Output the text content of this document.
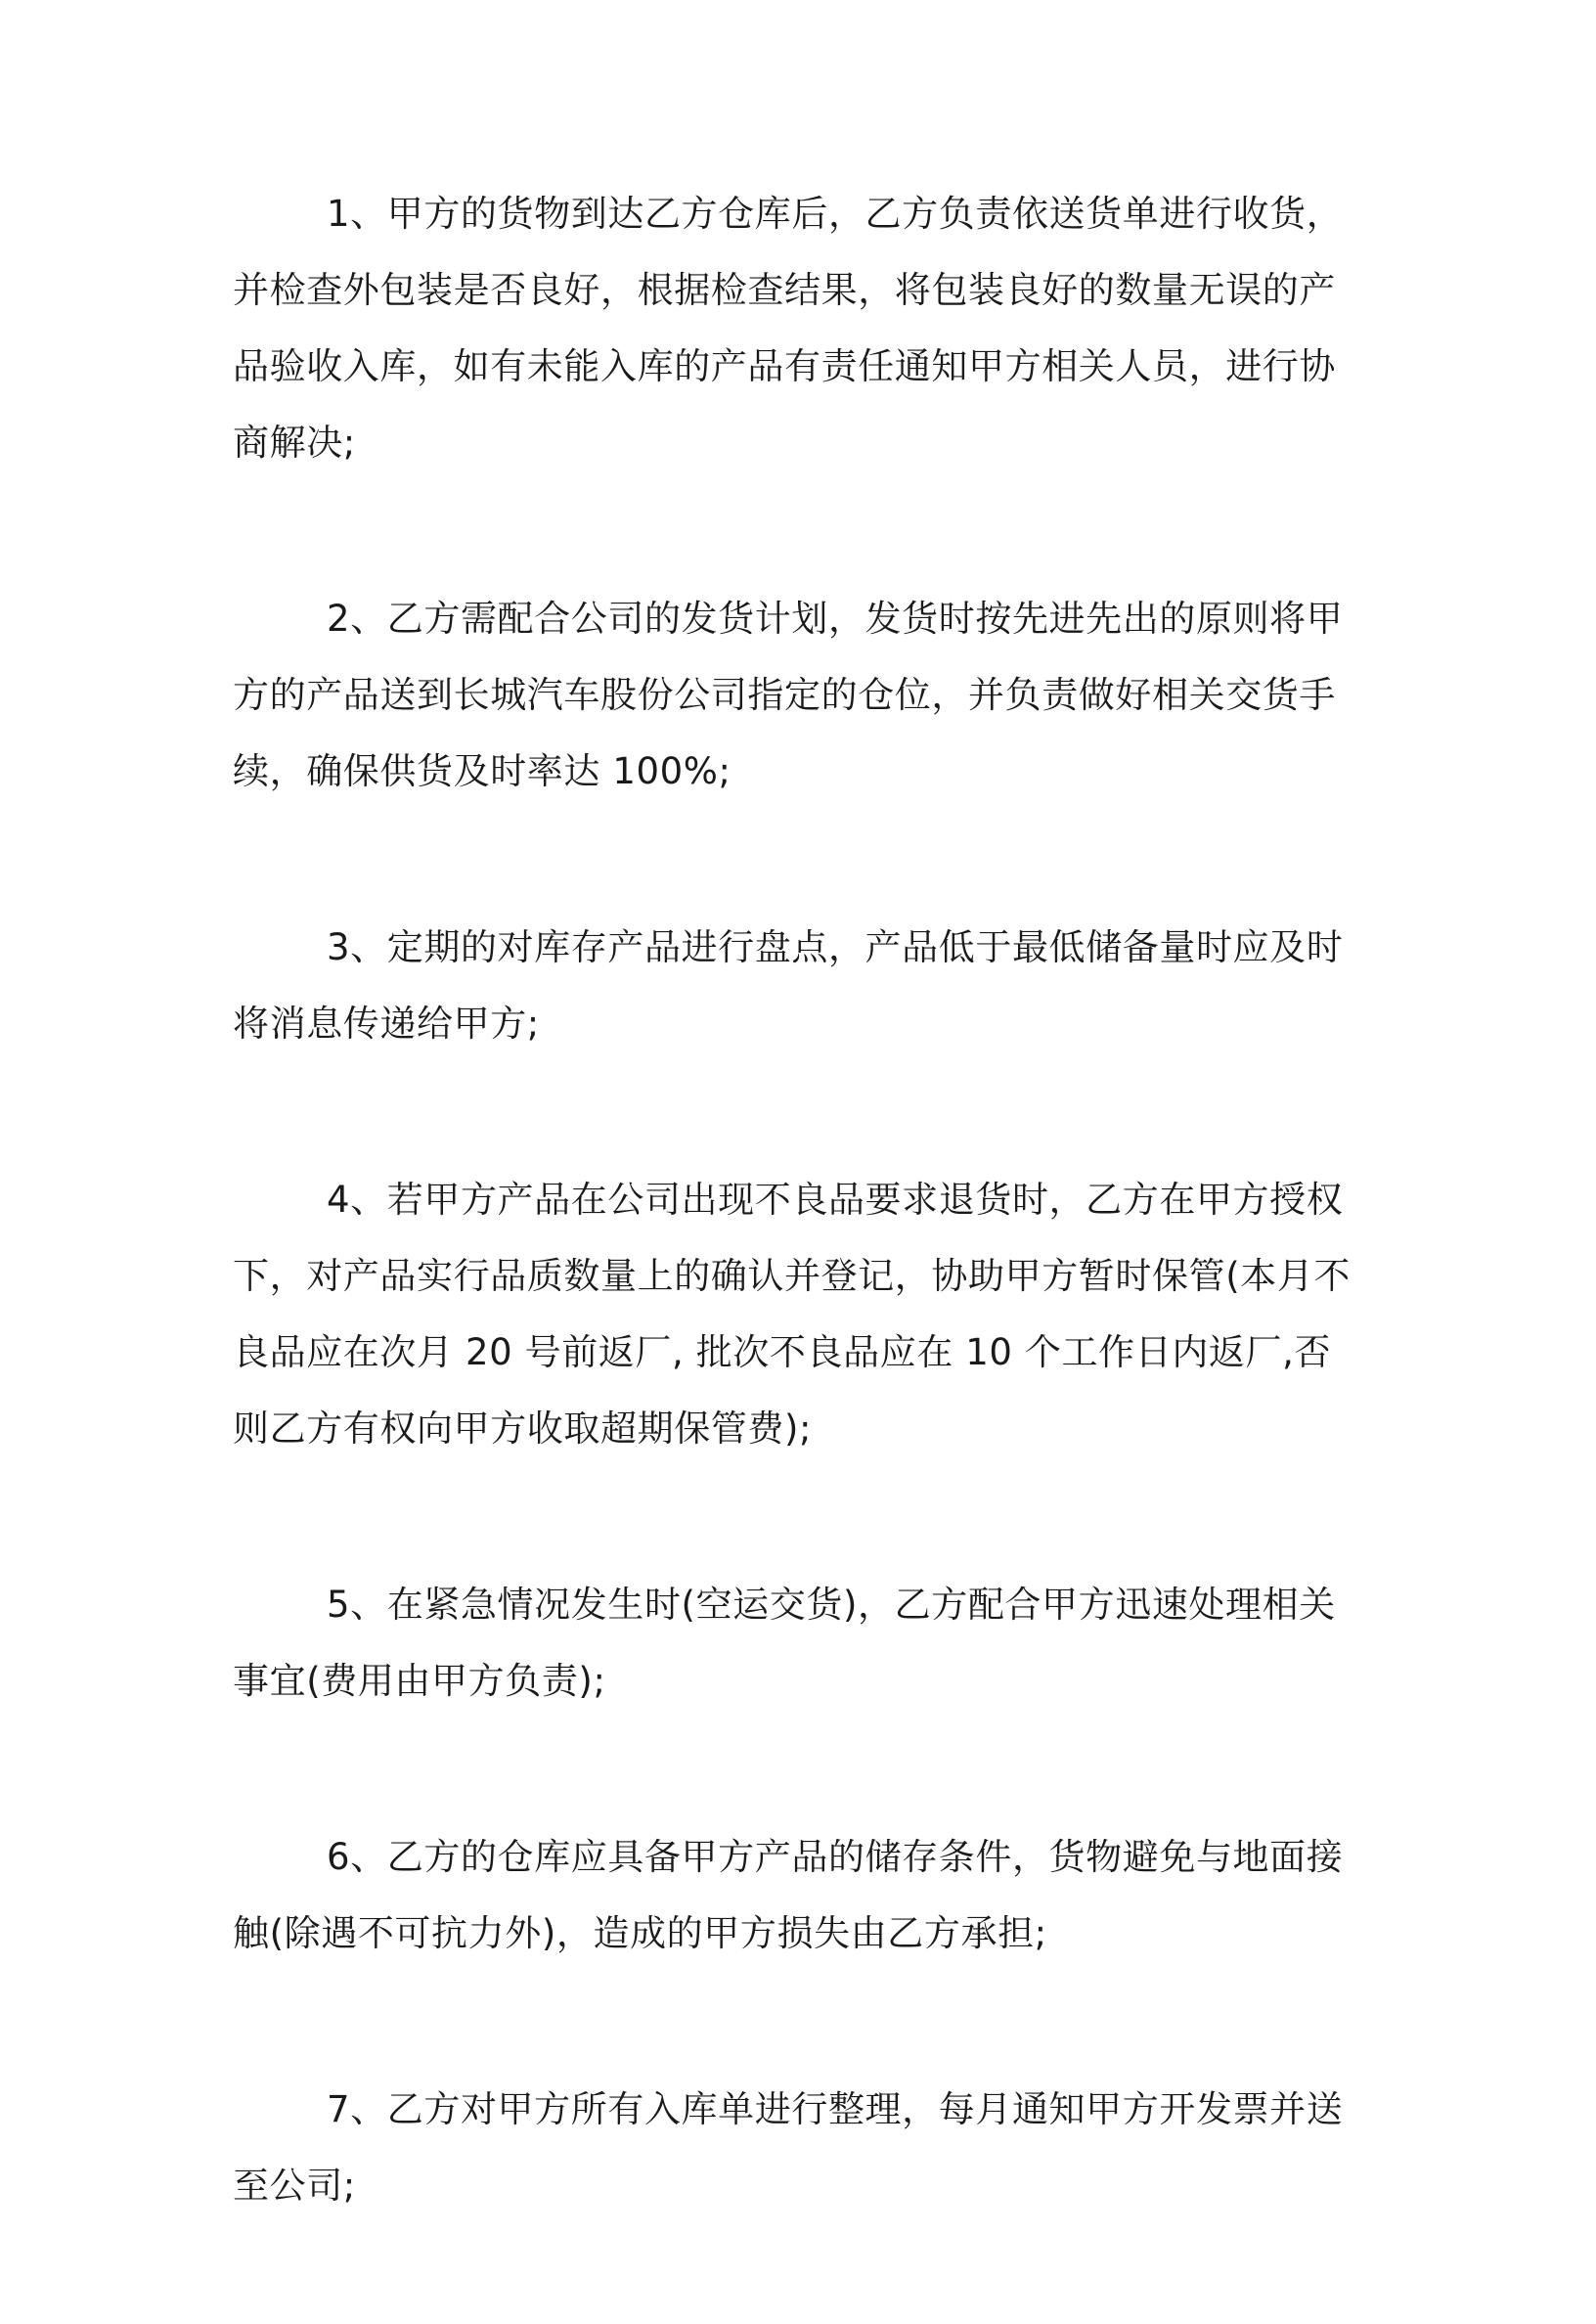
1、甲方的货物到达乙方仓库后，乙方负责依送货单进行收货，并检查外包装是否良好，根据检查结果，将包装良好的数量无误的产品验收入库，如有未能入库的产品有责任通知甲方相关人员，进行协商解决;

2、乙方需配合公司的发货计划，发货时按先进先出的原则将甲方的产品送到长城汽车股份公司指定的仓位，并负责做好相关交货手续，确保供货及时率达 100%;

3、定期的对库存产品进行盘点，产品低于最低储备量时应及时将消息传递给甲方;

4、若甲方产品在公司出现不良品要求退货时，乙方在甲方授权下，对产品实行品质数量上的确认并登记，协助甲方暂时保管(本月不良品应在次月 20 号前返厂, 批次不良品应在 10 个工作日内返厂,否则乙方有权向甲方收取超期保管费);

5、在紧急情况发生时(空运交货)，乙方配合甲方迅速处理相关事宜(费用由甲方负责);

6、乙方的仓库应具备甲方产品的储存条件，货物避免与地面接触(除遇不可抗力外)，造成的甲方损失由乙方承担;

7、乙方对甲方所有入库单进行整理，每月通知甲方开发票并送至公司;
